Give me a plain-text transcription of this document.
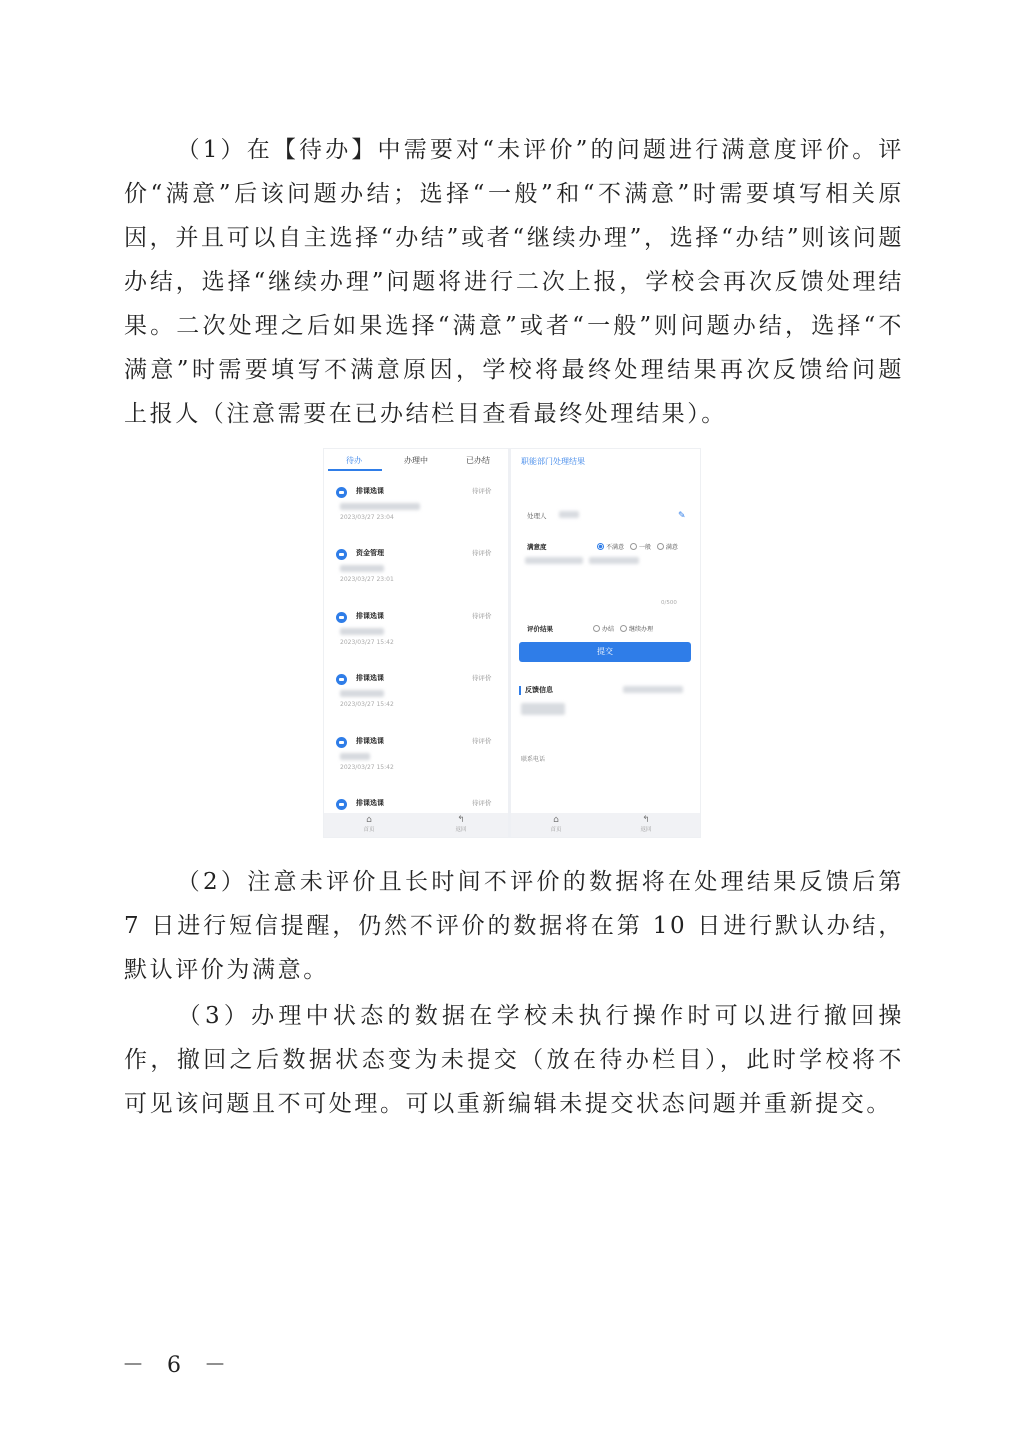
（1）在【待办】中需要对“未评价”的问题进行满意度评价。评价“满意”后该问题办结；选择“一般”和“不满意”时需要填写相关原因，并且可以自主选择“办结”或者“继续办理”，选择“办结”则该问题办结，选择“继续办理”问题将进行二次上报，学校会再次反馈处理结果。二次处理之后如果选择“满意”或者“一般”则问题办结，选择“不满意”时需要填写不满意原因，学校将最终处理结果再次反馈给问题上报人（注意需要在已办结栏目查看最终处理结果）。

待办	办理中	已办结
排课选课	待评价
2023/03/27 23:04
资金管理	待评价
2023/03/27 23:01
排课选课	待评价
2023/03/27 15:42
排课选课	待评价
2023/03/27 15:42
排课选课	待评价
2023/03/27 15:42
排课选课	待评价
⌂
首页
↰
返回
职能部门处理结果
处理人	✎
满意度	不满意 一般 满意
0/500
评价结果	办结 继续办理
提交
反馈信息
联系电话
⌂
首页
↰
返回

（2）注意未评价且长时间不评价的数据将在处理结果反馈后第 7 日进行短信提醒，仍然不评价的数据将在第 10 日进行默认办结，默认评价为满意。

（3）办理中状态的数据在学校未执行操作时可以进行撤回操作，撤回之后数据状态变为未提交（放在待办栏目），此时学校将不可见该问题且不可处理。可以重新编辑未提交状态问题并重新提交。

－ 6 －
